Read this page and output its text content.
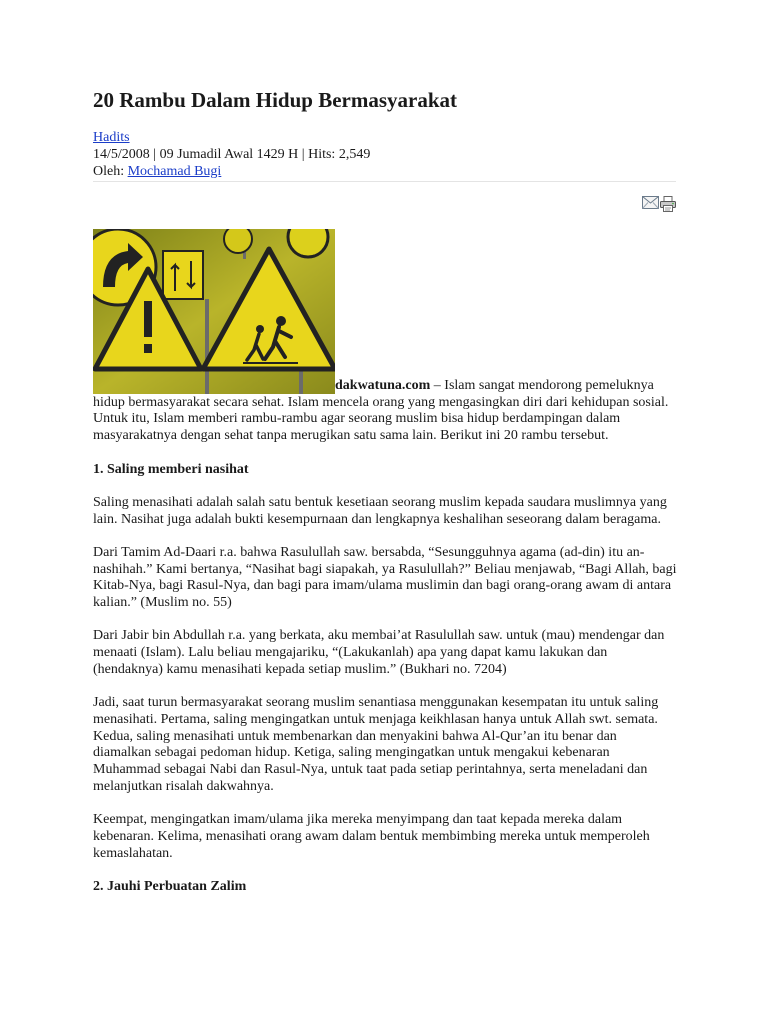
20 Rambu Dalam Hidup Bermasyarakat
Hadits
14/5/2008 | 09 Jumadil Awal 1429 H | Hits: 2,549
Oleh: Mochamad Bugi

dakwatuna.com – Islam sangat mendorong pemeluknya hidup bermasyarakat secara sehat. Islam mencela orang yang mengasingkan diri dari kehidupan sosial. Untuk itu, Islam memberi rambu-rambu agar seorang muslim bisa hidup berdampingan dalam masyarakatnya dengan sehat tanpa merugikan satu sama lain. Berikut ini 20 rambu tersebut.

1. Saling memberi nasihat

Saling menasihati adalah salah satu bentuk kesetiaan seorang muslim kepada saudara muslimnya yang lain. Nasihat juga adalah bukti kesempurnaan dan lengkapnya keshalihan seseorang dalam beragama.

Dari Tamim Ad-Daari r.a. bahwa Rasulullah saw. bersabda, “Sesungguhnya agama (ad-din) itu an-nashihah.” Kami bertanya, “Nasihat bagi siapakah, ya Rasulullah?” Beliau menjawab, “Bagi Allah, bagi Kitab-Nya, bagi Rasul-Nya, dan bagi para imam/ulama muslimin dan bagi orang-orang awam di antara kalian.” (Muslim no. 55)

Dari Jabir bin Abdullah r.a. yang berkata, aku membai’at Rasulullah saw. untuk (mau) mendengar dan menaati (Islam). Lalu beliau mengajariku, “(Lakukanlah) apa yang dapat kamu lakukan dan (hendaknya) kamu menasihati kepada setiap muslim.” (Bukhari no. 7204)

Jadi, saat turun bermasyarakat seorang muslim senantiasa menggunakan kesempatan itu untuk saling menasihati. Pertama, saling mengingatkan untuk menjaga keikhlasan hanya untuk Allah swt. semata. Kedua, saling menasihati untuk membenarkan dan menyakini bahwa Al-Qur’an itu benar dan diamalkan sebagai pedoman hidup. Ketiga, saling mengingatkan untuk mengakui kebenaran Muhammad sebagai Nabi dan Rasul-Nya, untuk taat pada setiap perintahnya, serta meneladani dan melanjutkan risalah dakwahnya.

Keempat, mengingatkan imam/ulama jika mereka menyimpang dan taat kepada mereka dalam kebenaran. Kelima, menasihati orang awam dalam bentuk membimbing mereka untuk memperoleh kemaslahatan.

2. Jauhi Perbuatan Zalim
